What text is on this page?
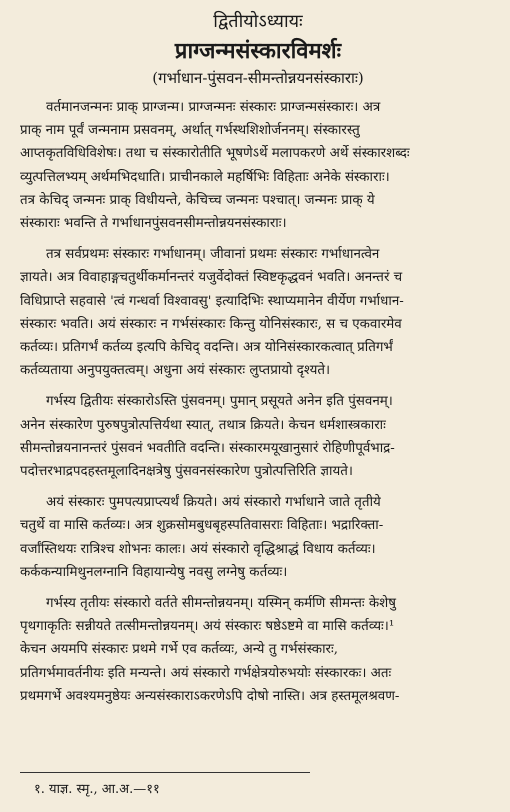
द्वितीयोऽध्यायः
प्राग्जन्मसंस्कारविमर्शः
(गर्भाधान-पुंसवन-सीमन्तोन्नयनसंस्काराः)
वर्तमानजन्मनः प्राक् प्राग्जन्म। प्राग्जन्मनः संस्कारः प्राग्जन्मसंस्कारः। अत्र
प्राक् नाम पूर्वं जन्मनाम प्रसवनम्, अर्थात् गर्भस्थशिशोर्जननम्। संस्कारस्तु
आप्तकृतविधिविशेषः। तथा च संस्कारोतीति भूषणेऽर्थे मलापकरणे अर्थे संस्कारशब्दः
व्युत्पत्तिलभ्यम् अर्थमभिदधाति। प्राचीनकाले महर्षिभिः विहिताः अनेके संस्काराः।
तत्र केचिद् जन्मनः प्राक् विधीयन्ते, केचिच्च जन्मनः पश्चात्। जन्मनः प्राक् ये
संस्काराः भवन्ति ते गर्भाधानपुंसवनसीमन्तोन्नयनसंस्काराः।
तत्र सर्वप्रथमः संस्कारः गर्भाधानम्। जीवानां प्रथमः संस्कारः गर्भाधानत्वेन
ज्ञायते। अत्र विवाहाङ्गचतुर्थीकर्मानन्तरं यजुर्वेदोक्तं स्विष्टकृद्धवनं भवति। अनन्तरं च
विधिप्राप्ते सहवासे 'त्वं गन्धर्वा विश्वावसु' इत्यादिभिः स्थाप्यमानेन वीर्येण गर्भाधान-
संस्कारः भवति। अयं संस्कारः न गर्भसंस्कारः किन्तु योनिसंस्कारः, स च एकवारमेव
कर्तव्यः। प्रतिगर्भं कर्तव्य इत्यपि केचिद् वदन्ति। अत्र योनिसंस्कारकत्वात् प्रतिगर्भं
कर्तव्यताया अनुपयुक्तत्वम्। अधुना अयं संस्कारः लुप्तप्रायो दृश्यते।
गर्भस्य द्वितीयः संस्कारोऽस्ति पुंसवनम्। पुमान् प्रसूयते अनेन इति पुंसवनम्।
अनेन संस्कारेण पुरुषपुत्रोत्पत्तिर्यथा स्यात्, तथात्र क्रियते। केचन धर्मशास्त्रकाराः
सीमन्तोन्नयनानन्तरं पुंसवनं भवतीति वदन्ति। संस्कारमयूखानुसारं रोहिणीपूर्वभाद्र-
पदोत्तरभाद्रपदहस्तमूलादिनक्षत्रेषु पुंसवनसंस्कारेण पुत्रोत्पत्तिरिति ज्ञायते।
अयं संस्कारः पुमपत्यप्राप्त्यर्थं क्रियते। अयं संस्कारो गर्भाधाने जाते तृतीये
चतुर्थे वा मासि कर्तव्यः। अत्र शुक्रसोमबुधबृहस्पतिवासराः विहिताः। भद्रारिक्ता-
वर्जांस्तिथयः रात्रिश्च शोभनः कालः। अयं संस्कारो वृद्धिश्राद्धं विधाय कर्तव्यः।
कर्ककन्यामिथुनलग्नानि विहायान्येषु नवसु लग्नेषु कर्तव्यः।
गर्भस्य तृतीयः संस्कारो वर्तते सीमन्तोन्नयनम्। यस्मिन् कर्मणि सीमन्तः केशेषु
पृथगाकृतिः सन्नीयते तत्सीमन्तोन्नयनम्। अयं संस्कारः षष्ठेऽष्टमे वा मासि कर्तव्यः।¹
केचन अयमपि संस्कारः प्रथमे गर्भे एव कर्तव्यः, अन्ये तु गर्भसंस्कारः,
प्रतिगर्भमावर्तनीयः इति मन्यन्ते। अयं संस्कारो गर्भक्षेत्रयोरुभयोः संस्कारकः। अतः
प्रथमगर्भे अवश्यमनुष्ठेयः अन्यसंस्काराऽकरणेऽपि दोषो नास्ति। अत्र हस्तमूलश्रवण-
१. याज्ञ. स्मृ., आ.अ.—११
